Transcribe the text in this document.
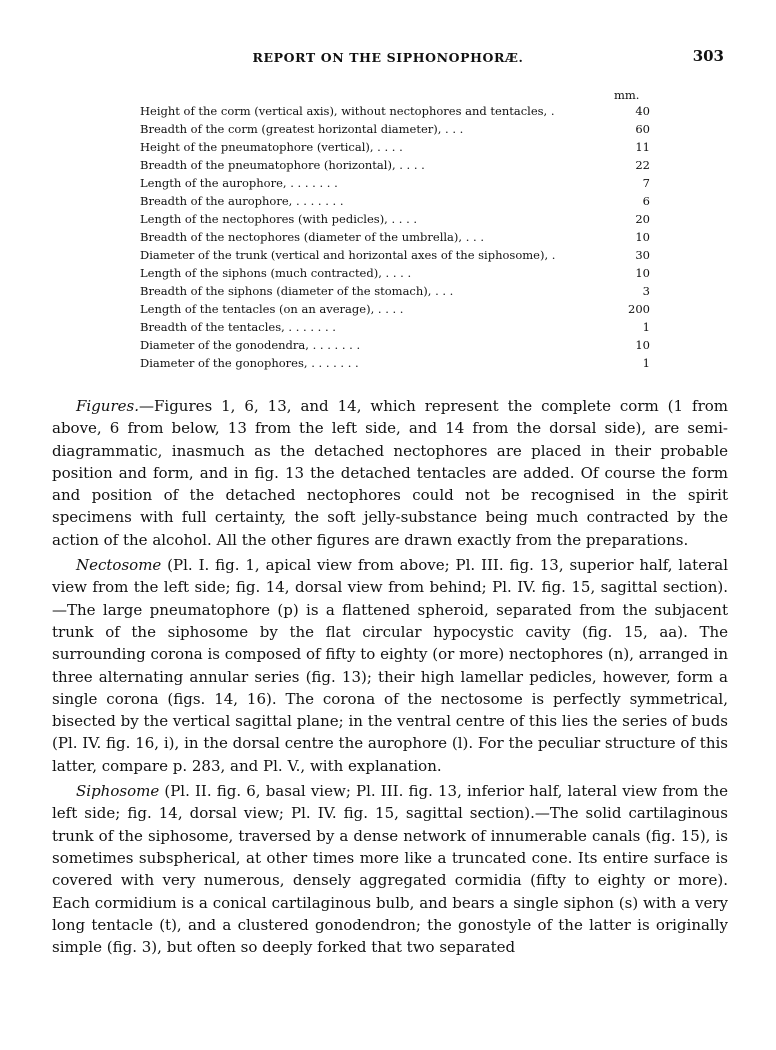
REPORT ON THE SIPHONOPHORÆ.	303
mm.
Height of the corm (vertical axis), without nectophores and tentacles, .	40
Breadth of the corm (greatest horizontal diameter), . . .	60
Height of the pneumatophore (vertical), . . . .	11
Breadth of the pneumatophore (horizontal), . . . .	22
Length of the aurophore, . . . . . . .	7
Breadth of the aurophore, . . . . . . .	6
Length of the nectophores (with pedicles), . . . .	20
Breadth of the nectophores (diameter of the umbrella), . . .	10
Diameter of the trunk (vertical and horizontal axes of the siphosome), .	30
Length of the siphons (much contracted), . . . .	10
Breadth of the siphons (diameter of the stomach), . . .	3
Length of the tentacles (on an average), . . . .	200
Breadth of the tentacles, . . . . . . .	1
Diameter of the gonodendra, . . . . . . .	10
Diameter of the gonophores, . . . . . . .	1

Figures.—Figures 1, 6, 13, and 14, which represent the complete corm (1 from above, 6 from below, 13 from the left side, and 14 from the dorsal side), are semi-diagrammatic, inasmuch as the detached nectophores are placed in their probable position and form, and in fig. 13 the detached tentacles are added. Of course the form and position of the detached nectophores could not be recognised in the spirit specimens with full certainty, the soft jelly-substance being much contracted by the action of the alcohol. All the other figures are drawn exactly from the preparations.

Nectosome (Pl. I. fig. 1, apical view from above; Pl. III. fig. 13, superior half, lateral view from the left side; fig. 14, dorsal view from behind; Pl. IV. fig. 15, sagittal section).—The large pneumatophore (p) is a flattened spheroid, separated from the subjacent trunk of the siphosome by the flat circular hypocystic cavity (fig. 15, aa). The surrounding corona is composed of fifty to eighty (or more) nectophores (n), arranged in three alternating annular series (fig. 13); their high lamellar pedicles, however, form a single corona (figs. 14, 16). The corona of the nectosome is perfectly symmetrical, bisected by the vertical sagittal plane; in the ventral centre of this lies the series of buds (Pl. IV. fig. 16, i), in the dorsal centre the aurophore (l). For the peculiar structure of this latter, compare p. 283, and Pl. V., with explanation.

Siphosome (Pl. II. fig. 6, basal view; Pl. III. fig. 13, inferior half, lateral view from the left side; fig. 14, dorsal view; Pl. IV. fig. 15, sagittal section).—The solid cartilaginous trunk of the siphosome, traversed by a dense network of innumerable canals (fig. 15), is sometimes subspherical, at other times more like a truncated cone. Its entire surface is covered with very numerous, densely aggregated cormidia (fifty to eighty or more). Each cormidium is a conical cartilaginous bulb, and bears a single siphon (s) with a very long tentacle (t), and a clustered gonodendron; the gonostyle of the latter is originally simple (fig. 3), but often so deeply forked that two separated
